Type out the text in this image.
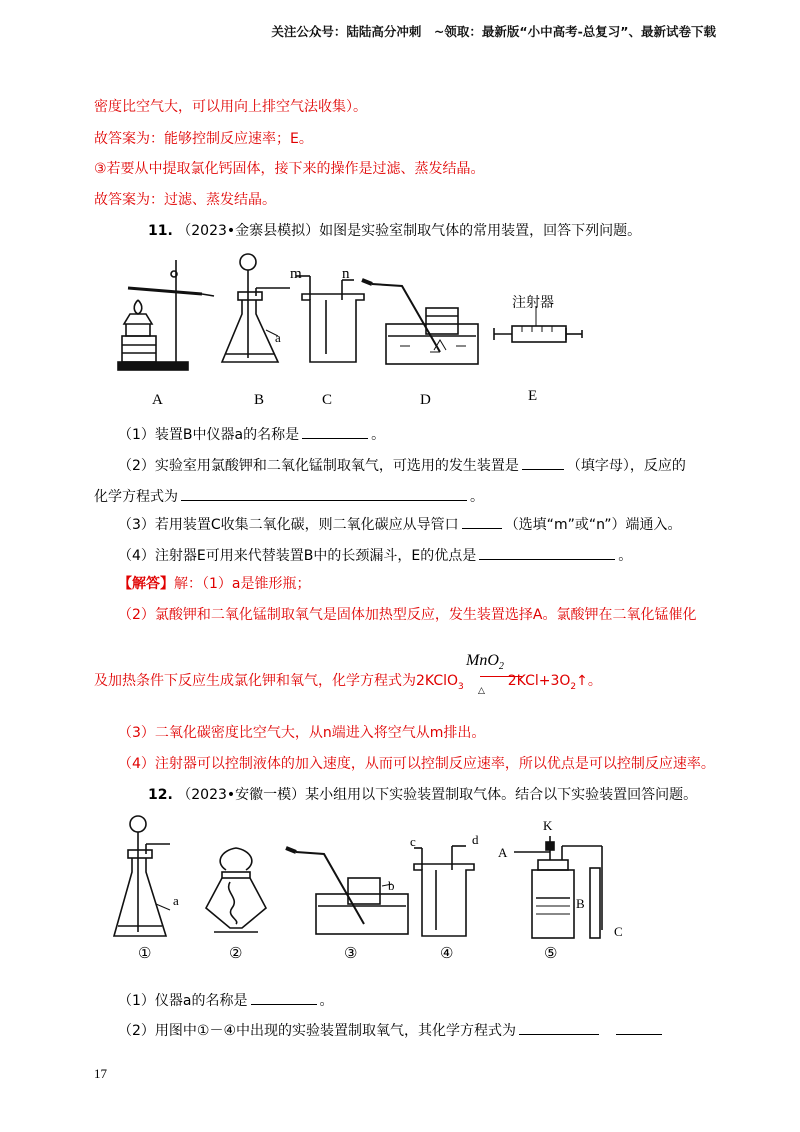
关注公众号：陆陆高分冲刺　~领取：最新版“小中高考-总复习”、最新试卷下载
密度比空气大，可以用向上排空气法收集）。
故答案为：能够控制反应速率；E。
③若要从中提取氯化钙固体，接下来的操作是过滤、蒸发结晶。
故答案为：过滤、蒸发结晶。
11. （2023•金寨县模拟）如图是实验室制取气体的常用装置，回答下列问题。
a
m	n
注射器
A	B	C	D	E
（1）装置B中仪器a的名称是	。
（2）实验室用氯酸钾和二氧化锰制取氧气，可选用的发生装置是	（填字母），反应的
化学方程式为	。
（3）若用装置C收集二氧化碳，则二氧化碳应从导管口	（选填“m”或“n”）端通入。
（4）注射器E可用来代替装置B中的长颈漏斗，E的优点是	。
【解答】解：（1）a是锥形瓶；
（2）氯酸钾和二氧化锰制取氧气是固体加热型反应，发生装置选择A。氯酸钾在二氧化锰催化
MnO$_2$
△
及加热条件下反应生成氯化钾和氧气，化学方程式为2KClO$_3$	$2KCl+3O_2↑$。
（3）二氧化碳密度比空气大，从n端进入将空气从m排出。
（4）注射器可以控制液体的加入速度，从而可以控制反应速率，所以优点是可以控制反应速率。
12. （2023•安徽一模）某小组用以下实验装置制取气体。结合以下实验装置回答问题。
a
b
c	d
K
A
B
C
①	②	③	④	⑤
（1）仪器a的名称是	。
（2）用图中①－④中出现的实验装置制取氧气，其化学方程式为
17
